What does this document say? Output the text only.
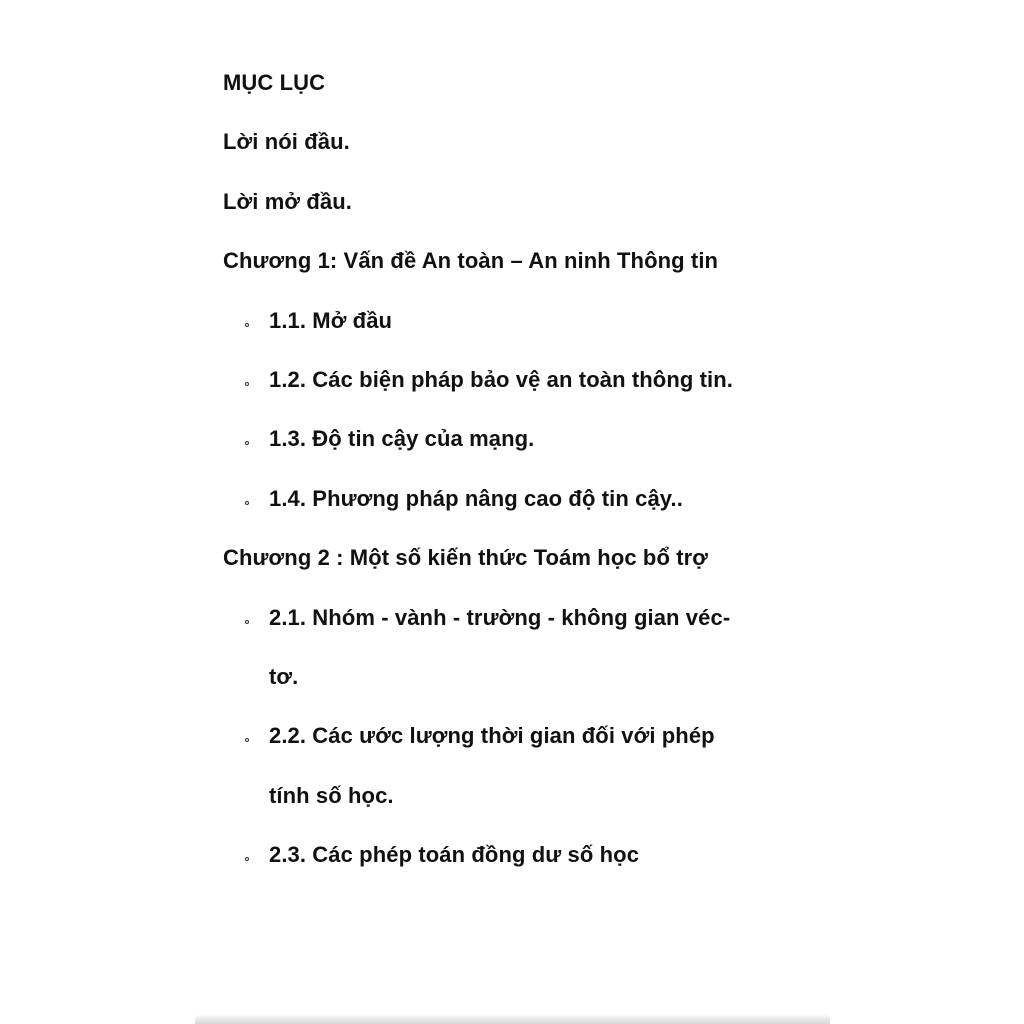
MỤC LỤC
Lời nói đầu.
Lời mở đầu.
Chương 1: Vấn đề An toàn – An ninh Thông tin
1.1. Mở đầu
1.2. Các biện pháp bảo vệ an toàn thông tin.
1.3. Độ tin cậy của mạng.
1.4. Phương pháp nâng cao độ tin cậy..
Chương 2 : Một số kiến thức Toám học bổ trợ
2.1. Nhóm - vành - trường - không gian véc-
tơ.
2.2. Các ước lượng thời gian đối với phép
tính số học.
2.3. Các phép toán đồng dư số học
